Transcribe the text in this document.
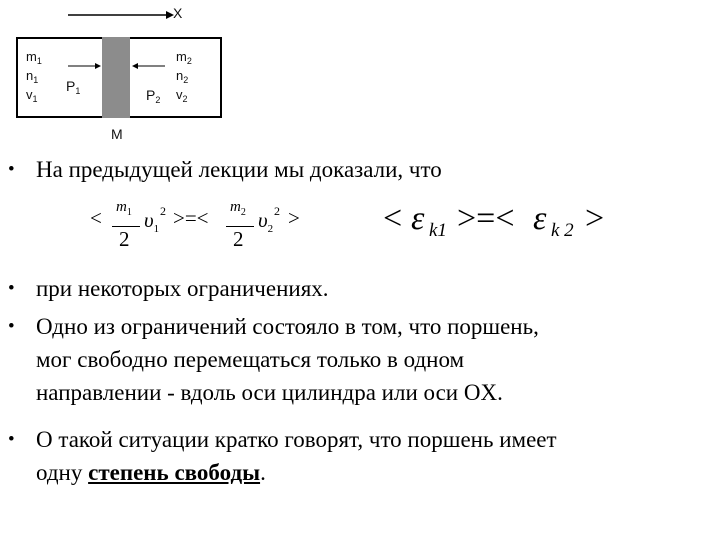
X
$m_1$
$n_1$
$v_1$
$P_1$
$m_2$
$n_2$
$v_2$
$P_2$
M
• На предыдущей лекции мы доказали, что
< $m_1$
2
$\upsilon_1$
2 >=< $m_2$
2
$\upsilon_2$
2 > < ε k1 >=< ε k 2 >
• при некоторых ограничениях.
• Одно из ограничений состояло в том, что поршень,
мог свободно перемещаться только в одном
направлении - вдоль оси цилиндра или оси OX.
• О такой ситуации кратко говорят, что поршень имеет
одну степень свободы.
